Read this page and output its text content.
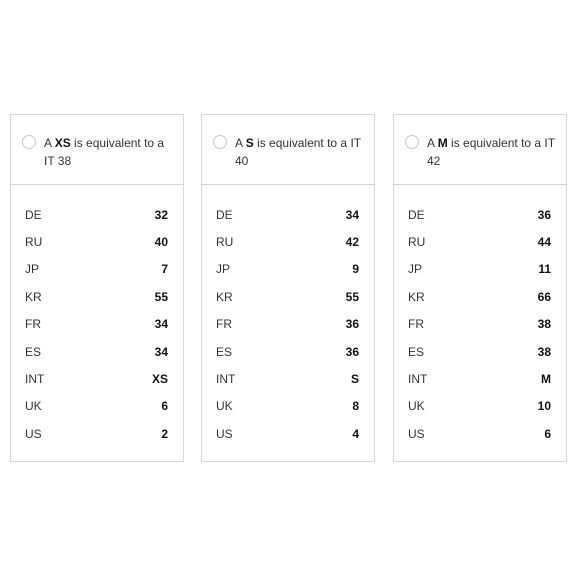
A XS is equivalent to a IT 38
DE	32
RU	40
JP	7
KR	55
FR	34
ES	34
INT	XS
UK	6
US	2
A S is equivalent to a IT 40
DE	34
RU	42
JP	9
KR	55
FR	36
ES	36
INT	S
UK	8
US	4
A M is equivalent to a IT 42
DE	36
RU	44
JP	11
KR	66
FR	38
ES	38
INT	M
UK	10
US	6
